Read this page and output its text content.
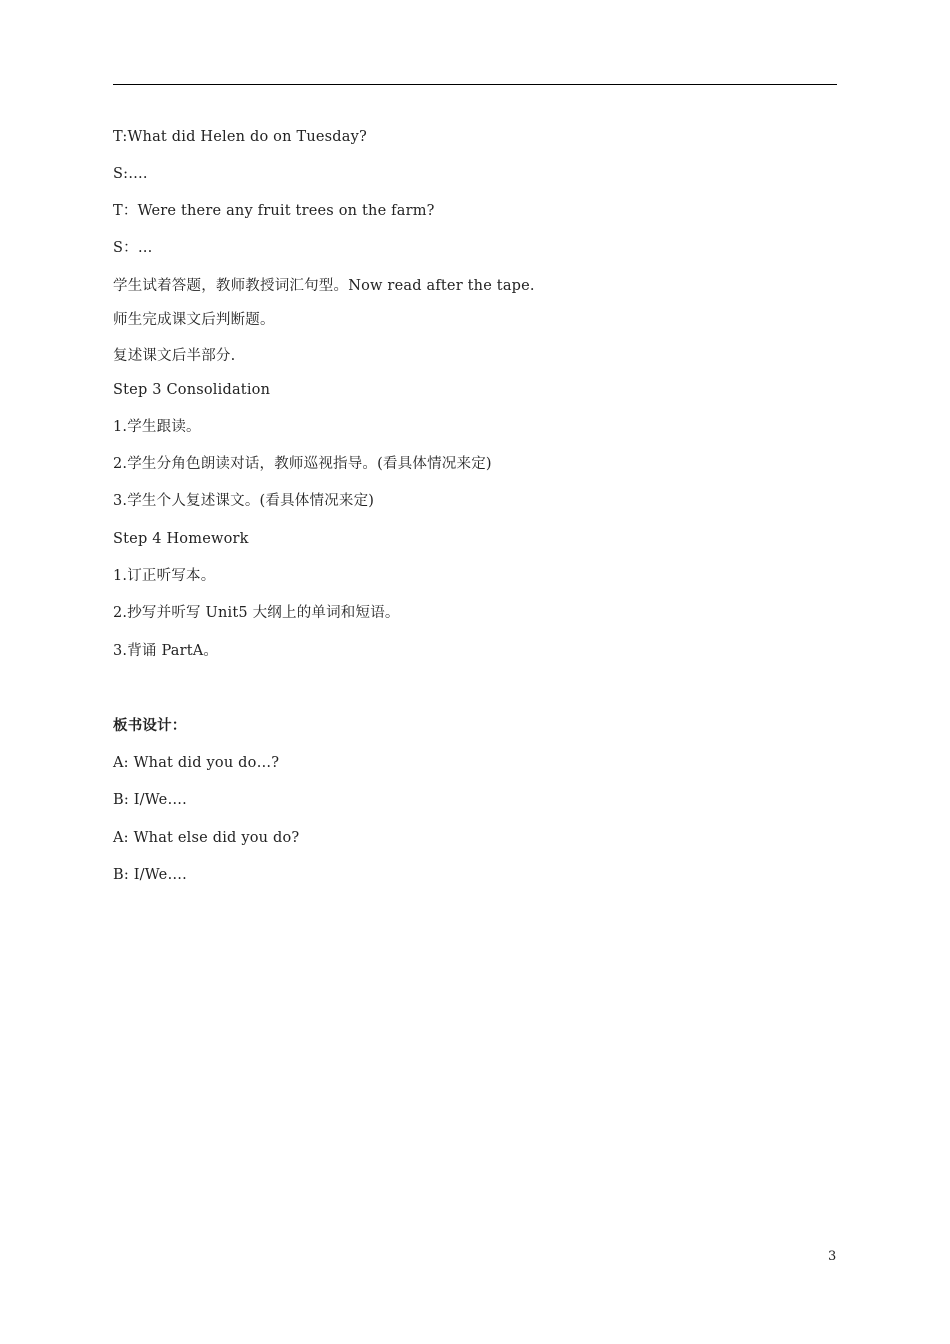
T:What did Helen do on Tuesday?
S:….
T：Were there any fruit trees on the farm?
S：…
学生试着答题，教师教授词汇句型。Now read after the tape.
师生完成课文后判断题。
复述课文后半部分.
Step 3 Consolidation
1.学生跟读。
2.学生分角色朗读对话，教师巡视指导。(看具体情况来定)
3.学生个人复述课文。(看具体情况来定)
Step 4 Homework
1.订正听写本。
2.抄写并听写 Unit5 大纲上的单词和短语。
3.背诵 PartA。
板书设计：
A: What did you do…?
B: I/We….
A: What else did you do?
B: I/We….
3
